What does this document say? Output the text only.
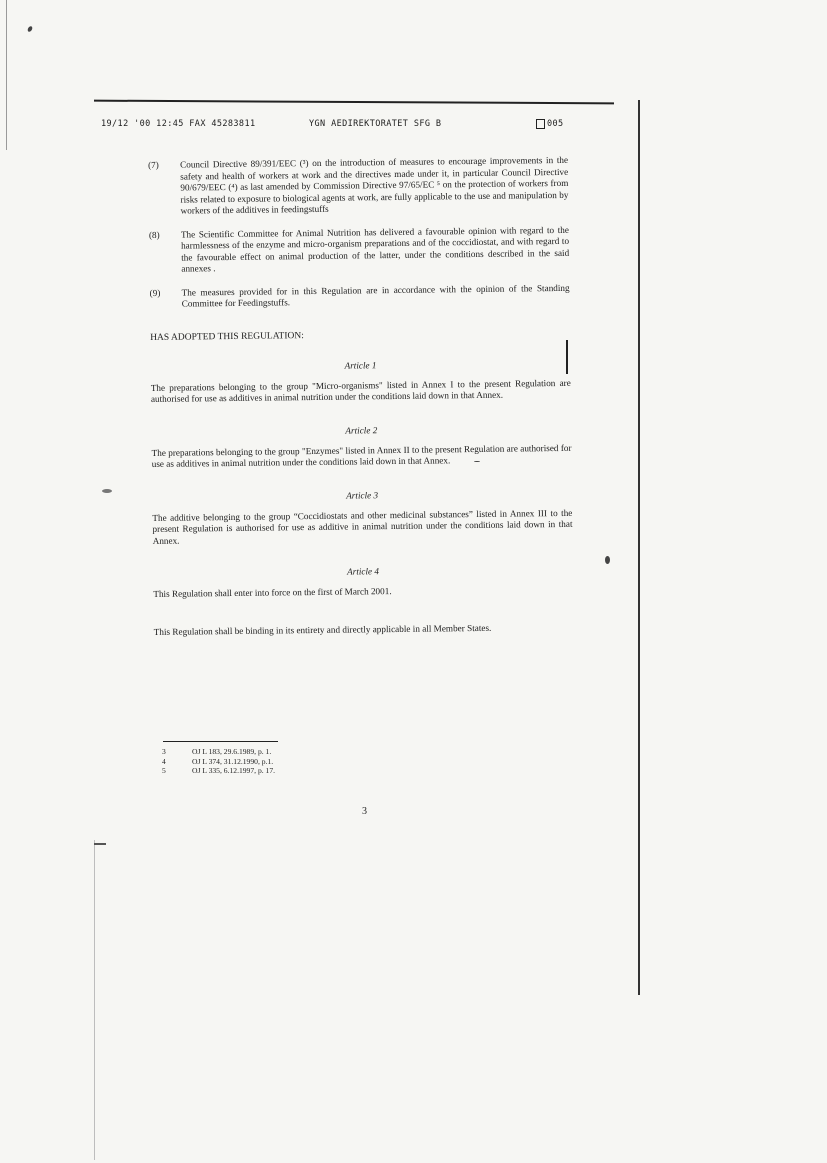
19/12 '00 12:45 FAX 45283811	YGN AEDIREKTORATET SFG B	005
(7)	Council Directive 89/391/EEC (³) on the introduction of measures to encourage improvements in the safety and health of workers at work and the directives made under it, in particular Council Directive 90/679/EEC (⁴) as last amended by Commission Directive 97/65/EC ⁵ on the protection of workers from risks related to exposure to biological agents at work, are fully applicable to the use and manipulation by workers of the additives in feedingstuffs
(8)	The Scientific Committee for Animal Nutrition has delivered a favourable opinion with regard to the harmlessness of the enzyme and micro-organism preparations and of the coccidiostat, and with regard to the favourable effect on animal production of the latter, under the conditions described in the said annexes .
(9)	The measures provided for in this Regulation are in accordance with the opinion of the Standing Committee for Feedingstuffs.
HAS ADOPTED THIS REGULATION:
Article 1
The preparations belonging to the group "Micro-organisms" listed in Annex I to the present Regulation are authorised for use as additives in animal nutrition under the conditions laid down in that Annex.
Article 2
The preparations belonging to the group "Enzymes" listed in Annex II to the present Regulation are authorised for use as additives in animal nutrition under the conditions laid down in that Annex.
Article 3
The additive belonging to the group “Coccidiostats and other medicinal substances” listed in Annex III to the present Regulation is authorised for use as additive in animal nutrition under the conditions laid down in that Annex.
Article 4
This Regulation shall enter into force on the first of March 2001.
This Regulation shall be binding in its entirety and directly applicable in all Member States.
3	OJ L 183, 29.6.1989, p. 1.
4	OJ L 374, 31.12.1990, p.1.
5	OJ L 335, 6.12.1997, p. 17.
3
